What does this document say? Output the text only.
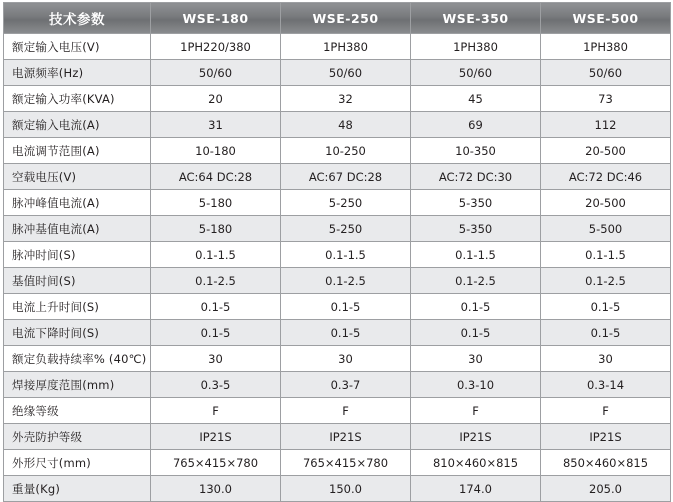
技术参数	WSE-180	WSE-250	WSE-350	WSE-500
额定输入电压(V)	1PH220/380	1PH380	1PH380	1PH380
电源频率(Hz)	50/60	50/60	50/60	50/60
额定输入功率(KVA)	20	32	45	73
额定输入电流(A)	31	48	69	112
电流调节范围(A)	10-180	10-250	10-350	20-500
空载电压(V)	AC:64 DC:28	AC:67 DC:28	AC:72 DC:30	AC:72 DC:46
脉冲峰值电流(A)	5-180	5-250	5-350	20-500
脉冲基值电流(A)	5-180	5-250	5-350	5-500
脉冲时间(S)	0.1-1.5	0.1-1.5	0.1-1.5	0.1-1.5
基值时间(S)	0.1-2.5	0.1-2.5	0.1-2.5	0.1-2.5
电流上升时间(S)	0.1-5	0.1-5	0.1-5	0.1-5
电流下降时间(S)	0.1-5	0.1-5	0.1-5	0.1-5
额定负载持续率% (40℃)	30	30	30	30
焊接厚度范围(mm)	0.3-5	0.3-7	0.3-10	0.3-14
绝缘等级	F	F	F	F
外壳防护等级	IP21S	IP21S	IP21S	IP21S
外形尺寸(mm)	765×415×780	765×415×780	810×460×815	850×460×815
重量(Kg)	130.0	150.0	174.0	205.0
